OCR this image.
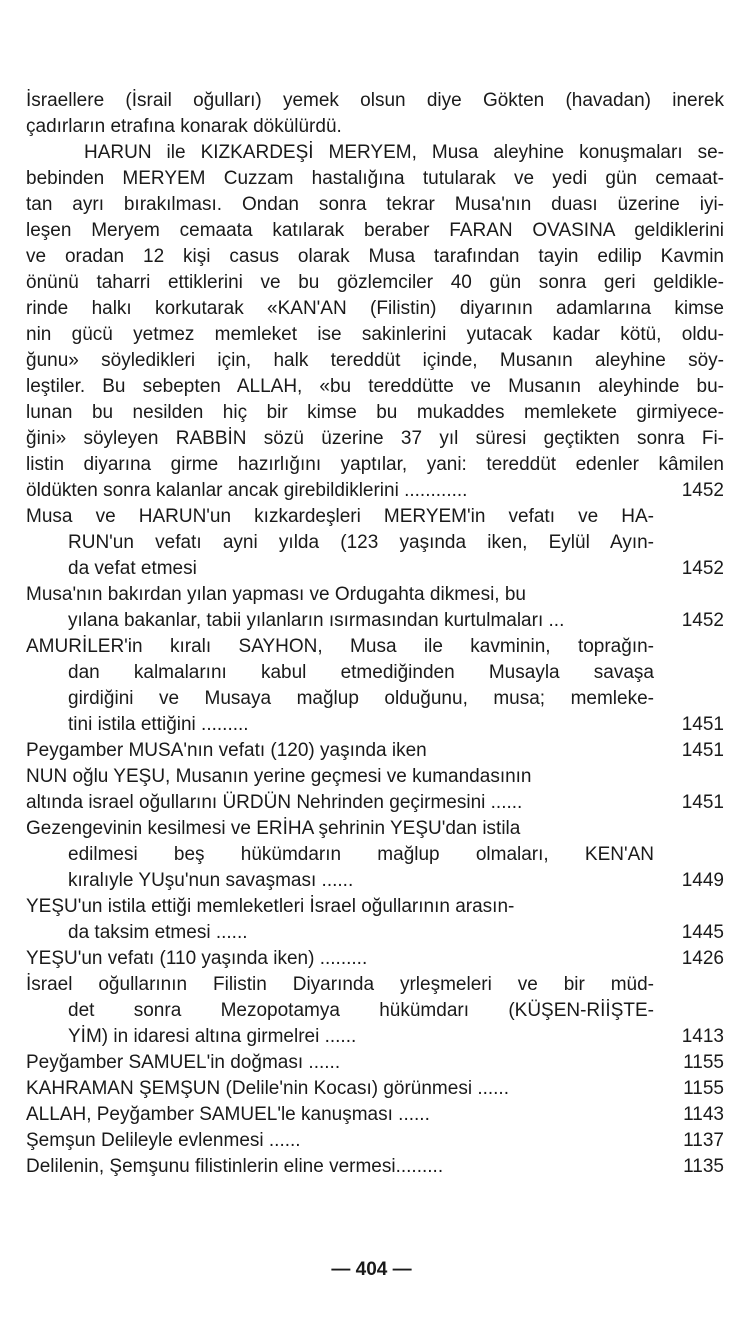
İsraellere (İsrail oğulları) yemek olsun diye Gökten (havadan) inerek
çadırların etrafına konarak dökülürdü.
HARUN ile KIZKARDEŞİ MERYEM, Musa aleyhine konuşmaları se-
bebinden MERYEM Cuzzam hastalığına tutularak ve yedi gün cemaat-
tan ayrı bırakılması. Ondan sonra tekrar Musa'nın duası üzerine iyi-
leşen Meryem cemaata katılarak beraber FARAN OVASINA geldiklerini
ve oradan 12 kişi casus olarak Musa tarafından tayin edilip Kavmin
önünü taharri ettiklerini ve bu gözlemciler 40 gün sonra geri geldikle-
rinde halkı korkutarak «KAN'AN (Filistin) diyarının adamlarına kimse
nin gücü yetmez memleket ise sakinlerini yutacak kadar kötü, oldu-
ğunu» söyledikleri için, halk tereddüt içinde, Musanın aleyhine söy-
leştiler. Bu sebepten ALLAH, «bu tereddütte ve Musanın aleyhinde bu-
lunan bu nesilden hiç bir kimse bu mukaddes memlekete girmiyece-
ğini» söyleyen RABBİN sözü üzerine 37 yıl süresi geçtikten sonra Fi-
listin diyarına girme hazırlığını yaptılar, yani: tereddüt edenler kâmilen
öldükten sonra kalanlar ancak girebildiklerini ............	1452
Musa ve HARUN'un kızkardeşleri MERYEM'in vefatı ve HA-
RUN'un vefatı ayni yılda (123 yaşında iken, Eylül Ayın-
da vefat etmesi	1452
Musa'nın bakırdan yılan yapması ve Ordugahta dikmesi, bu
yılana bakanlar, tabii yılanların ısırmasından kurtulmaları ...	1452
AMURİLER'in kıralı SAYHON, Musa ile kavminin, toprağın-
dan kalmalarını kabul etmediğinden Musayla savaşa
girdiğini ve Musaya mağlup olduğunu, musa; memleke-
tini istila ettiğini .........	1451
Peygamber MUSA'nın vefatı (120) yaşında iken	1451
NUN oğlu YEŞU, Musanın yerine geçmesi ve kumandasının
altında israel oğullarını ÜRDÜN Nehrinden geçirmesini ......	1451
Gezengevinin kesilmesi ve ERİHA şehrinin YEŞU'dan istila
edilmesi beş hükümdarın mağlup olmaları, KEN'AN
kıralıyle YUşu'nun savaşması ......	1449
YEŞU'un istila ettiği memleketleri İsrael oğullarının arasın-
da taksim etmesi ......	1445
YEŞU'un vefatı (110 yaşında iken) .........	1426
İsrael oğullarının Filistin Diyarında yrleşmeleri ve bir müd-
det sonra Mezopotamya hükümdarı (KÜŞEN-RİİŞTE-
YİM) in idaresi altına girmelrei ......	1413
Peyğamber SAMUEL'in doğması ......	1155
KAHRAMAN ŞEMŞUN (Delile'nin Kocası) görünmesi ......	1155
ALLAH, Peyğamber SAMUEL'le kanuşması ......	1143
Şemşun Delileyle evlenmesi ......	1137
Delilenin, Şemşunu filistinlerin eline vermesi.........	1135
— 404 —
